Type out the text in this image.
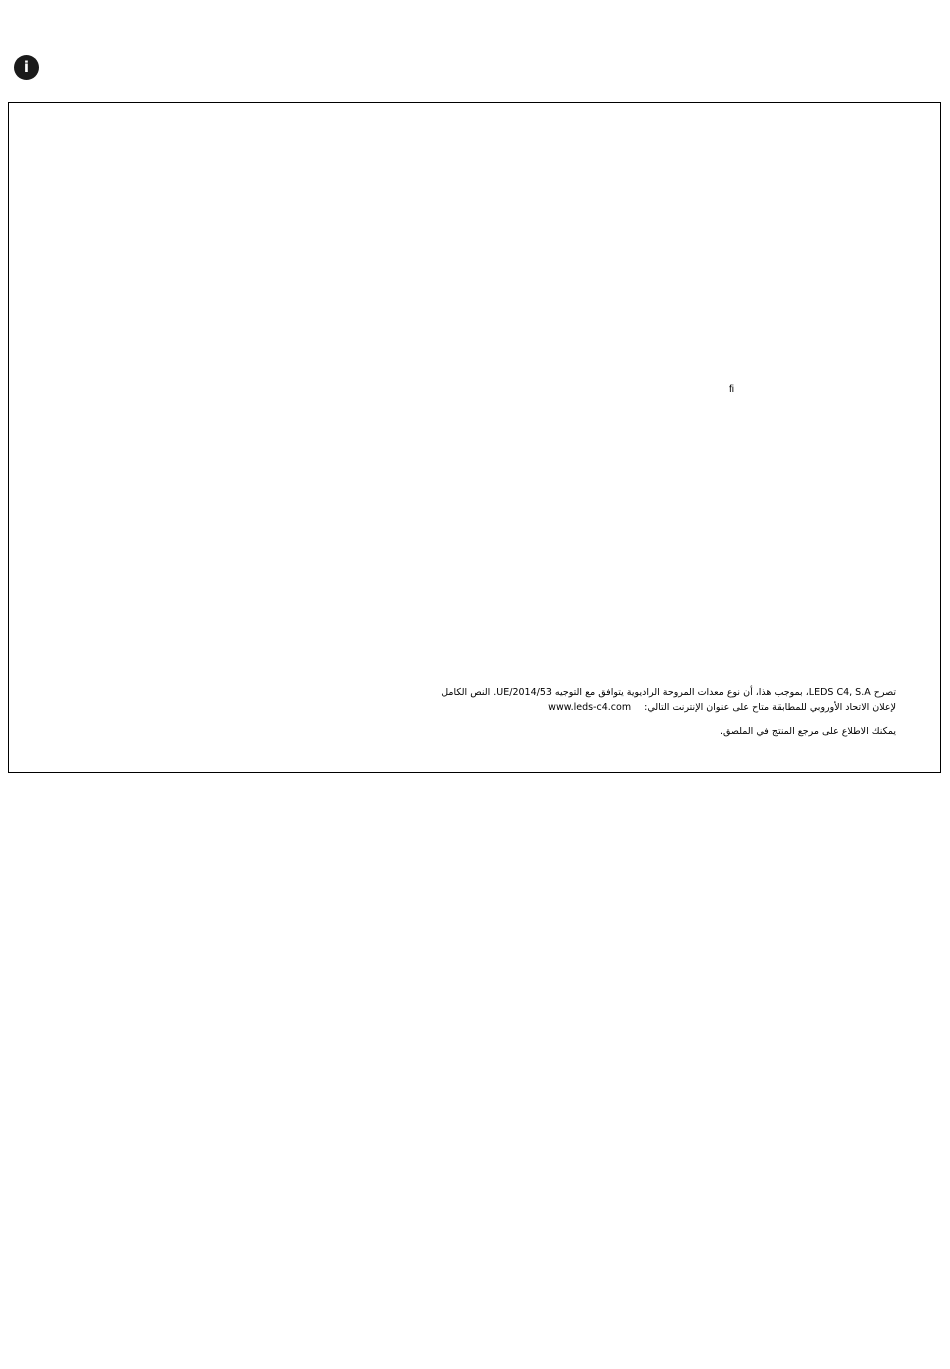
i
fi

تصرح LEDS C4, S.A، بموجب هذا، أن نوع معدات المروحة الراديوية يتوافق مع التوجيه UE/2014/53. النص الكامل

لإعلان الاتحاد الأوروبي للمطابقة متاح على عنوان الإنترنت التالي: www.leds-c4.com

يمكنك الاطلاع على مرجع المنتج في الملصق.
